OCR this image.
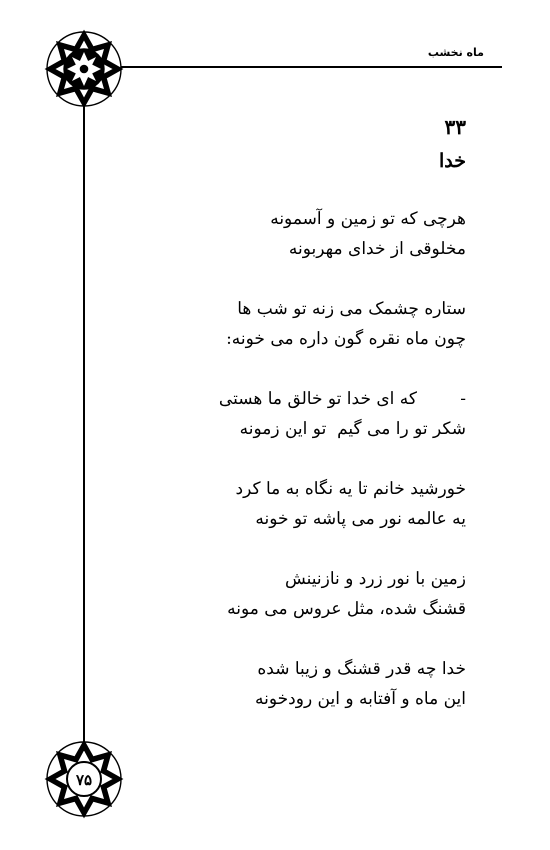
ماه نخشب
۷۵
۳۳
خدا
هرچی که تو زمین و آسمونه
مخلوقی از خدای مهربونه
ستاره چشمک می زنه تو شب ها
چون ماه نقره گون داره می خونه:
-        که ای خدا تو خالق ما هستی
شکر تو را می گیم  تو این زمونه
خورشید خانم تا یه نگاه به ما کرد
یه عالمه نور می پاشه تو خونه
زمین با نور زرد و نازنینش
قشنگ شده، مثل عروس می مونه
خدا چه قدر قشنگ و زیبا شده
این ماه و آفتابه و این رودخونه
